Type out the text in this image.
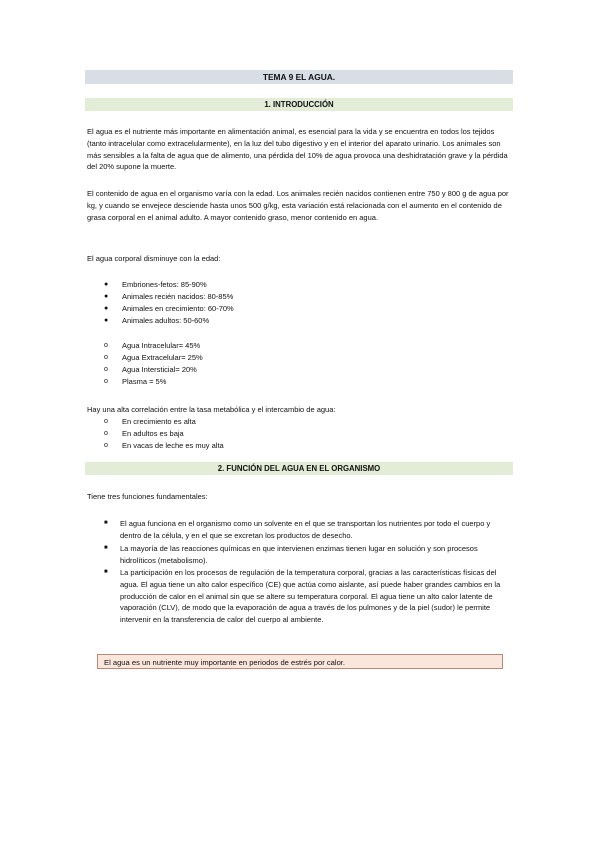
TEMA 9 EL AGUA.
1. INTRODUCCIÓN

El agua es el nutriente más importante en alimentación animal, es esencial para la vida y se encuentra en todos los tejidos (tanto intracelular como extracelularmente), en la luz del tubo digestivo y en el interior del aparato urinario. Los animales son más sensibles a la falta de agua que de alimento, una pérdida del 10% de agua provoca una deshidratación grave y la pérdida del 20% supone la muerte.

El contenido de agua en el organismo varía con la edad. Los animales recién nacidos contienen entre 750 y 800 g de agua por kg, y cuando se envejece desciende hasta unos 500 g/kg, esta variación está relacionada con el aumento en el contenido de grasa corporal en el animal adulto. A mayor contenido graso, menor contenido en agua.

El agua corporal disminuye con la edad:

●	Embriones-fetos: 85-90%
●	Animales recién nacidos: 80-85%
●	Animales en crecimiento: 60-70%
●	Animales adultos: 50-60%
o	Agua Intracelular= 45%
o	Agua Extracelular= 25%
o	Agua Intersticial= 20%
o	Plasma = 5%

Hay una alta correlación entre la tasa metabólica y el intercambio de agua:

o	En crecimiento es alta
o	En adultos es baja
o	En vacas de leche es muy alta
2. FUNCIÓN DEL AGUA EN EL ORGANISMO

Tiene tres funciones fundamentales:

■ El agua funciona en el organismo como un solvente en el que se transportan los nutrientes por todo el cuerpo y dentro de la célula, y en el que se excretan los productos de desecho.
■ La mayoría de las reacciones químicas en que intervienen enzimas tienen lugar en solución y son procesos hidrolíticos (metabolismo).
■ La participación en los procesos de regulación de la temperatura corporal, gracias a las características físicas del agua. El agua tiene un alto calor específico (CE) que actúa como aislante, así puede haber grandes cambios en la producción de calor en el animal sin que se altere su temperatura corporal. El agua tiene un alto calor latente de vaporación (CLV), de modo que la evaporación de agua a través de los pulmones y de la piel (sudor) le permite intervenir en la transferencia de calor del cuerpo al ambiente.
El agua es un nutriente muy importante en periodos de estrés por calor.
